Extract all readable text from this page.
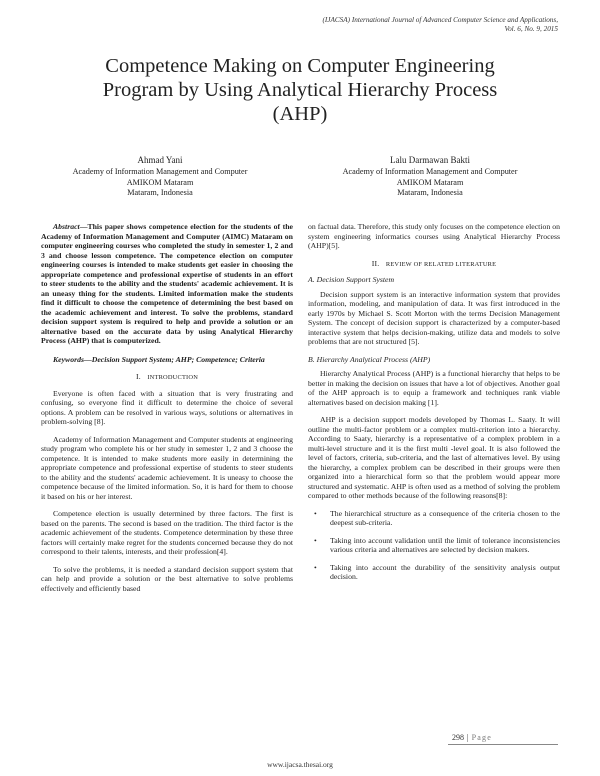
(IJACSA) International Journal of Advanced Computer Science and Applications,
Vol. 6, No. 9, 2015
Competence Making on Computer Engineering
Program by Using Analytical Hierarchy Process
(AHP)
Ahmad Yani
Academy of Information Management and Computer
AMIKOM Mataram
Mataram, Indonesia
Lalu Darmawan Bakti
Academy of Information Management and Computer
AMIKOM Mataram
Mataram, Indonesia

Abstract—This paper shows competence election for the students of the Academy of Information Management and Computer (AIMC) Mataram on computer engineering courses who completed the study in semester 1, 2 and 3 and choose lesson competence. The competence election on computer engineering courses is intended to make students get easier in choosing the appropriate competence and professional expertise of students in an effort to steer students to the ability and the students' academic achievement. It is an uneasy thing for the students. Limited information make the students find it difficult to choose the competence of determining the best based on the academic achievement and interest. To solve the problems, standard decision support system is required to help and provide a solution or an alternative based on the accurate data by using Analytical Hierarchy Process (AHP) that is computerized.

Keywords—Decision Support System; AHP; Competence; Criteria

I. INTRODUCTION

Everyone is often faced with a situation that is very frustrating and confusing, so everyone find it difficult to determine the choice of several options. A problem can be resolved in various ways, solutions or alternatives in problem-solving [8].

Academy of Information Management and Computer students at engineering study program who complete his or her study in semester 1, 2 and 3 choose the competence. It is intended to make students more easily in determining the appropriate competence and professional expertise of students to steer students to the ability and the students' academic achievement. It is uneasy to choose the competence because of the limited information. So, it is hard for them to choose it based on his or her interest.

Competence election is usually determined by three factors. The first is based on the parents. The second is based on the tradition. The third factor is the academic achievement of the students. Competence determination by these three factors will certainly make regret for the students concerned because they do not correspond to their talents, interests, and their profession[4].

To solve the problems, it is needed a standard decision support system that can help and provide a solution or the best alternative to solve problems effectively and efficiently based

on factual data. Therefore, this study only focuses on the competence election on system engineering informatics courses using Analytical Hierarchy Process (AHP)[5].

II. REVIEW OF RELATED LITERATURE
A. Decision Support System

Decision support system is an interactive information system that provides information, modeling, and manipulation of data. It was first introduced in the early 1970s by Michael S. Scott Morton with the terms Decision Management System. The concept of decision support is characterized by a computer-based interactive system that helps decision-making, utilize data and models to solve problems that are not structured [5].

B. Hierarchy Analytical Process (AHP)

Hierarchy Analytical Process (AHP) is a functional hierarchy that helps to be better in making the decision on issues that have a lot of objectives. Another goal of the AHP approach is to equip a framework and techniques rank viable alternatives based on decision making [1].

AHP is a decision support models developed by Thomas L. Saaty. It will outline the multi-factor problem or a complex multi-criterion into a hierarchy. According to Saaty, hierarchy is a representative of a complex problem in a multi-level structure and it is the first multi -level goal. It is also followed the level of factors, criteria, sub-criteria, and the last of alternatives level. By using the hierarchy, a complex problem can be described in their groups were then organized into a hierarchical form so that the problem would appear more structured and systematic. AHP is often used as a method of solving the problem compared to other methods because of the following reasons[8]:

• The hierarchical structure as a consequence of the criteria chosen to the deepest sub-criteria.
• Taking into account validation until the limit of tolerance inconsistencies various criteria and alternatives are selected by decision makers.
• Taking into account the durability of the sensitivity analysis output decision.
298 | Page
www.ijacsa.thesai.org
